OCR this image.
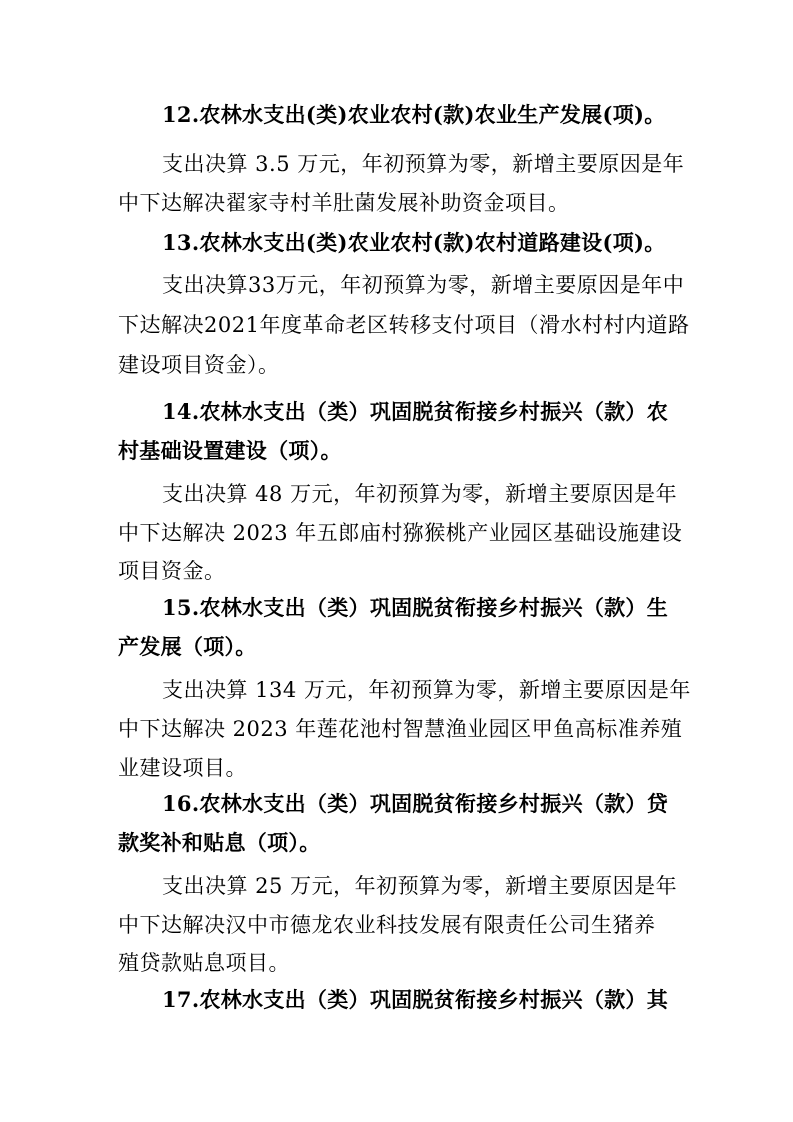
12.农林水支出(类)农业农村(款)农业生产发展(项)。
支出决算 3.5 万元，年初预算为零，新增主要原因是年
中下达解决翟家寺村羊肚菌发展补助资金项目。
13.农林水支出(类)农业农村(款)农村道路建设(项)。
支出决算33万元，年初预算为零，新增主要原因是年中
下达解决2021年度革命老区转移支付项目（滑水村村内道路
建设项目资金）。
14.农林水支出（类）巩固脱贫衔接乡村振兴（款）农
村基础设置建设（项）。
支出决算 48 万元，年初预算为零，新增主要原因是年
中下达解决 2023 年五郎庙村猕猴桃产业园区基础设施建设
项目资金。
15.农林水支出（类）巩固脱贫衔接乡村振兴（款）生
产发展（项）。
支出决算 134 万元，年初预算为零，新增主要原因是年
中下达解决 2023 年莲花池村智慧渔业园区甲鱼高标准养殖
业建设项目。
16.农林水支出（类）巩固脱贫衔接乡村振兴（款）贷
款奖补和贴息（项）。
支出决算 25 万元，年初预算为零，新增主要原因是年
中下达解决汉中市德龙农业科技发展有限责任公司生猪养
殖贷款贴息项目。
17.农林水支出（类）巩固脱贫衔接乡村振兴（款）其
